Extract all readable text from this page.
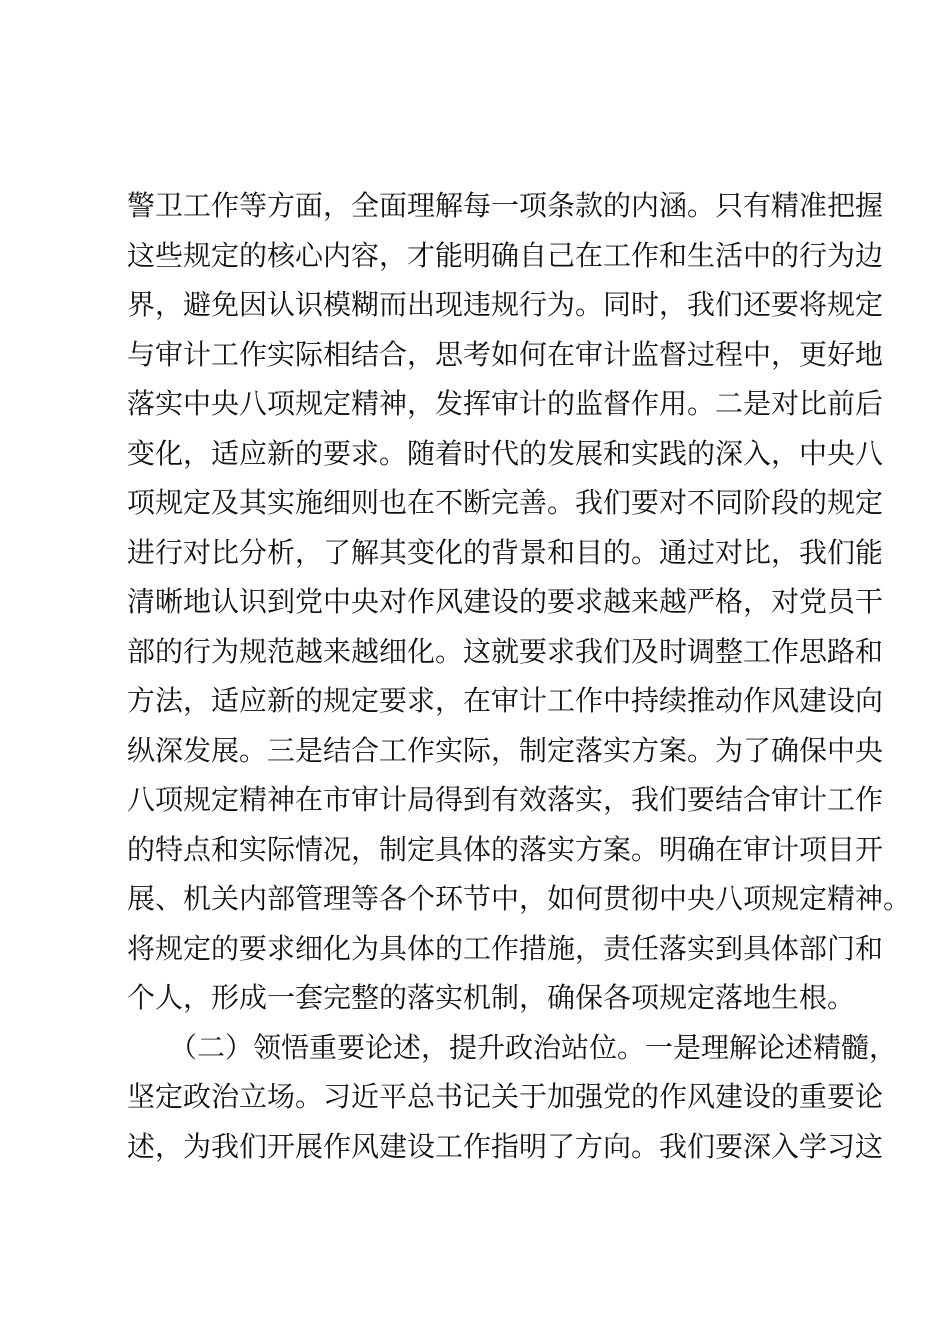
警卫工作等方面，全面理解每一项条款的内涵。只有精准把握
这些规定的核心内容，才能明确自己在工作和生活中的行为边
界，避免因认识模糊而出现违规行为。同时，我们还要将规定
与审计工作实际相结合，思考如何在审计监督过程中，更好地
落实中央八项规定精神，发挥审计的监督作用。二是对比前后
变化，适应新的要求。随着时代的发展和实践的深入，中央八
项规定及其实施细则也在不断完善。我们要对不同阶段的规定
进行对比分析，了解其变化的背景和目的。通过对比，我们能
清晰地认识到党中央对作风建设的要求越来越严格，对党员干
部的行为规范越来越细化。这就要求我们及时调整工作思路和
方法，适应新的规定要求，在审计工作中持续推动作风建设向
纵深发展。三是结合工作实际，制定落实方案。为了确保中央
八项规定精神在市审计局得到有效落实，我们要结合审计工作
的特点和实际情况，制定具体的落实方案。明确在审计项目开
展、机关内部管理等各个环节中，如何贯彻中央八项规定精神。
将规定的要求细化为具体的工作措施，责任落实到具体部门和
个人，形成一套完整的落实机制，确保各项规定落地生根。
　　（二）领悟重要论述，提升政治站位。一是理解论述精髓，
坚定政治立场。习近平总书记关于加强党的作风建设的重要论
述，为我们开展作风建设工作指明了方向。我们要深入学习这
